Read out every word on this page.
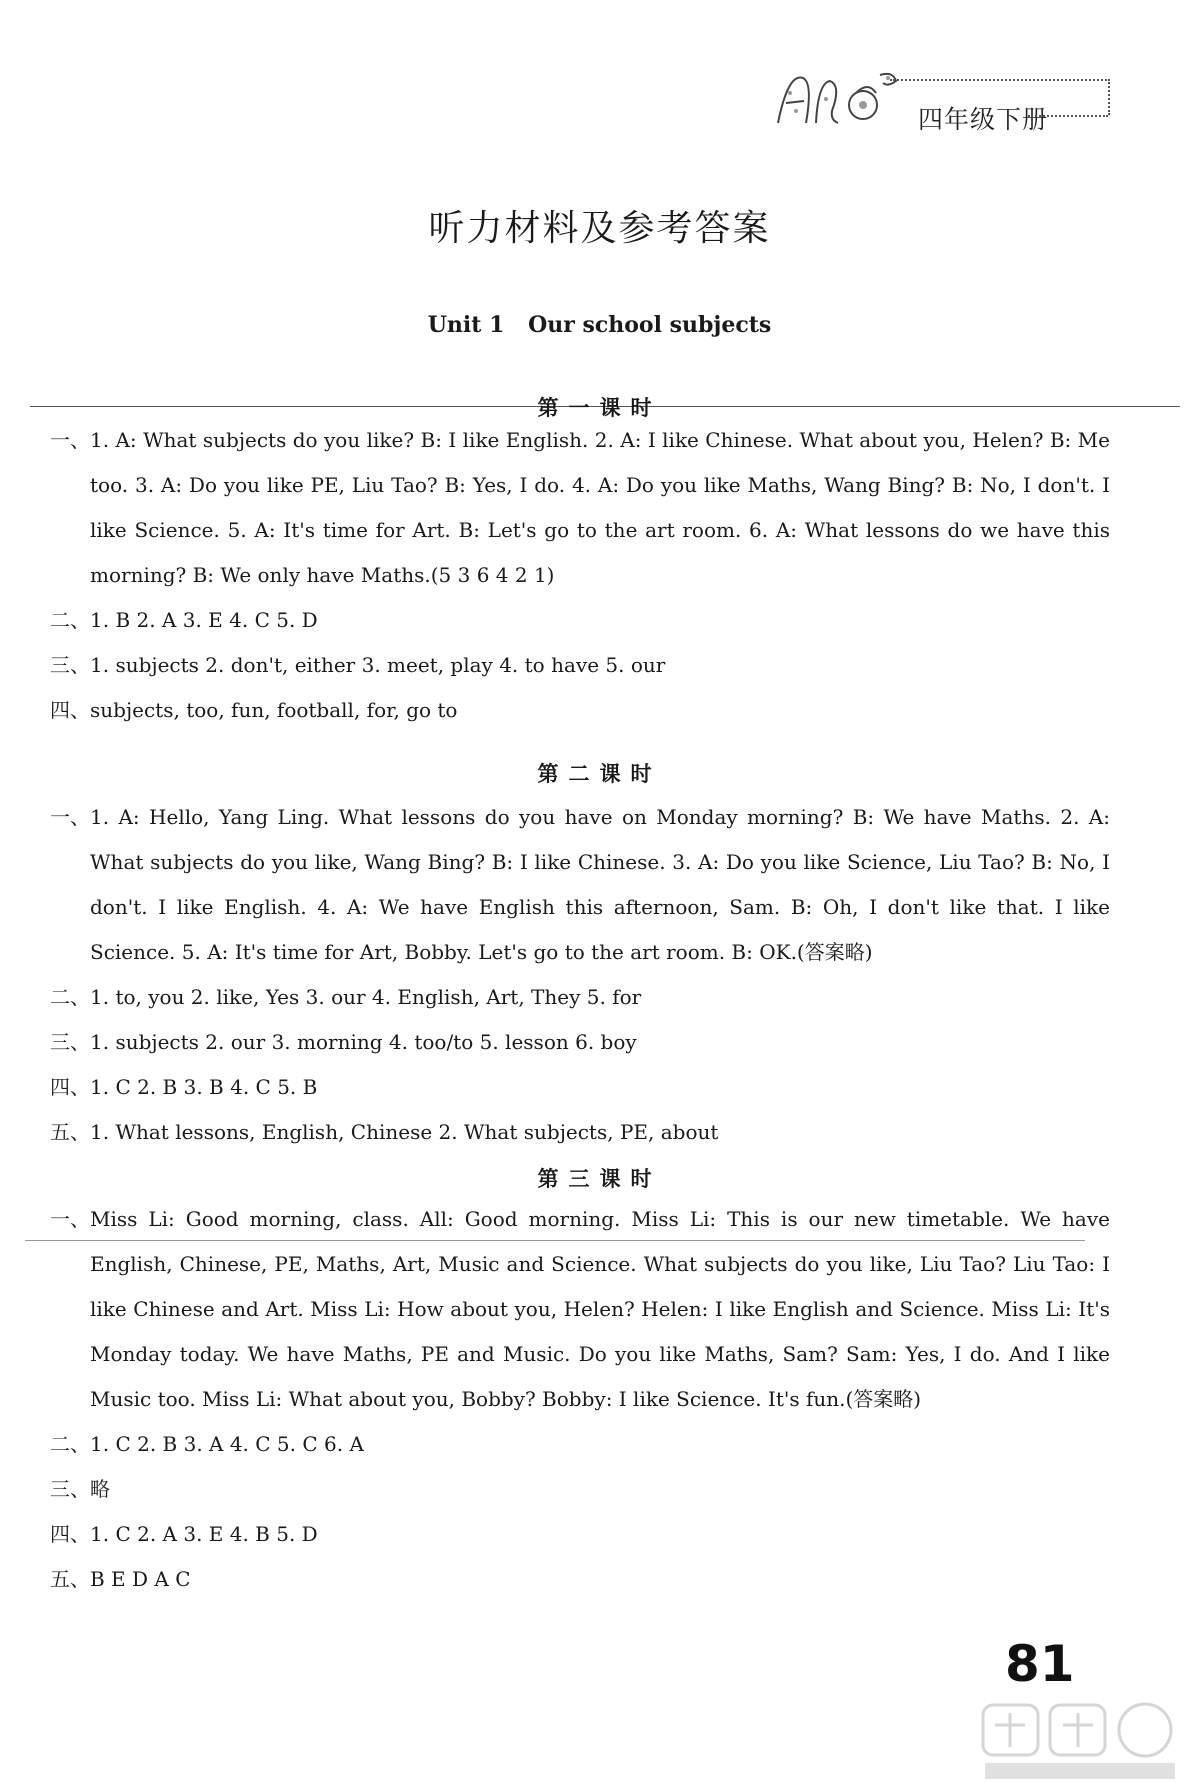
四年级下册
听力材料及参考答案
Unit 1 Our school subjects
第一课时
一、 1. A: What subjects do you like? B: I like English. 2. A: I like Chinese. What about you, Helen? B: Me too. 3. A: Do you like PE, Liu Tao? B: Yes, I do. 4. A: Do you like Maths, Wang Bing? B: No, I don't. I like Science. 5. A: It's time for Art. B: Let's go to the art room. 6. A: What lessons do we have this morning? B: We only have Maths.(5 3 6 4 2 1)
二、 1. B 2. A 3. E 4. C 5. D
三、 1. subjects 2. don't, either 3. meet, play 4. to have 5. our
四、 subjects, too, fun, football, for, go to
第二课时
一、 1. A: Hello, Yang Ling. What lessons do you have on Monday morning? B: We have Maths. 2. A: What subjects do you like, Wang Bing? B: I like Chinese. 3. A: Do you like Science, Liu Tao? B: No, I don't. I like English. 4. A: We have English this afternoon, Sam. B: Oh, I don't like that. I like Science. 5. A: It's time for Art, Bobby. Let's go to the art room. B: OK.(答案略)
二、 1. to, you 2. like, Yes 3. our 4. English, Art, They 5. for
三、 1. subjects 2. our 3. morning 4. too/to 5. lesson 6. boy
四、 1. C 2. B 3. B 4. C 5. B
五、 1. What lessons, English, Chinese 2. What subjects, PE, about
第三课时
一、 Miss Li: Good morning, class. All: Good morning. Miss Li: This is our new timetable. We have English, Chinese, PE, Maths, Art, Music and Science. What subjects do you like, Liu Tao? Liu Tao: I like Chinese and Art. Miss Li: How about you, Helen? Helen: I like English and Science. Miss Li: It's Monday today. We have Maths, PE and Music. Do you like Maths, Sam? Sam: Yes, I do. And I like Music too. Miss Li: What about you, Bobby? Bobby: I like Science. It's fun.(答案略)
二、 1. C 2. B 3. A 4. C 5. C 6. A
三、 略
四、 1. C 2. A 3. E 4. B 5. D
五、 B E D A C
81
